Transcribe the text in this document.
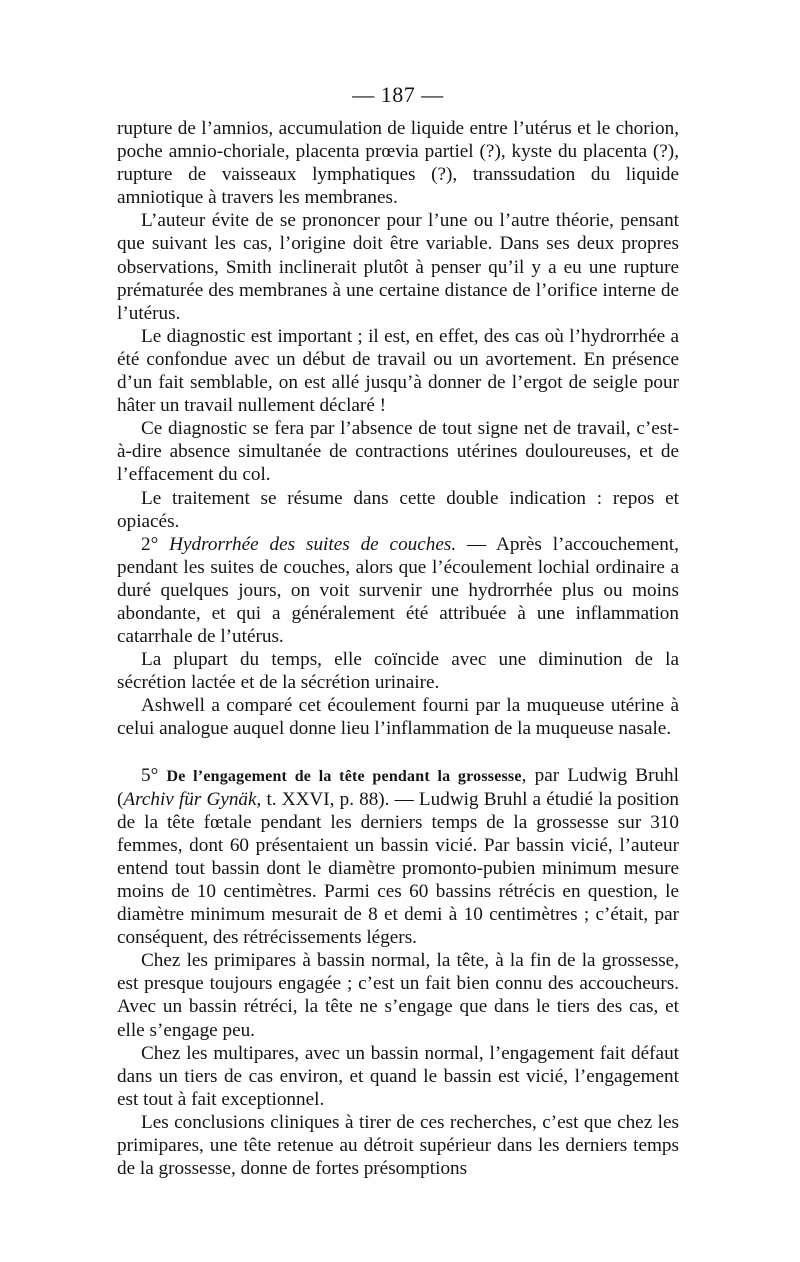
— 187 —

rupture de l’amnios, accumulation de liquide entre l’utérus et le chorion, poche amnio-choriale, placenta prœvia partiel (?), kyste du placenta (?), rupture de vaisseaux lymphatiques (?), transsudation du liquide amniotique à travers les membranes.

L’auteur évite de se prononcer pour l’une ou l’autre théorie, pensant que suivant les cas, l’origine doit être variable. Dans ses deux propres observations, Smith inclinerait plutôt à penser qu’il y a eu une rupture prématurée des membranes à une certaine distance de l’orifice interne de l’utérus.

Le diagnostic est important ; il est, en effet, des cas où l’hydrorrhée a été confondue avec un début de travail ou un avortement. En présence d’un fait semblable, on est allé jusqu’à donner de l’ergot de seigle pour hâter un travail nullement déclaré !

Ce diagnostic se fera par l’absence de tout signe net de travail, c’est-à-dire absence simultanée de contractions utérines douloureuses, et de l’effacement du col.

Le traitement se résume dans cette double indication : repos et opiacés.

2° Hydrorrhée des suites de couches. — Après l’accouchement, pendant les suites de couches, alors que l’écoulement lochial ordinaire a duré quelques jours, on voit survenir une hydrorrhée plus ou moins abondante, et qui a généralement été attribuée à une inflammation catarrhale de l’utérus.

La plupart du temps, elle coïncide avec une diminution de la sécrétion lactée et de la sécrétion urinaire.

Ashwell a comparé cet écoulement fourni par la muqueuse utérine à celui analogue auquel donne lieu l’inflammation de la muqueuse nasale.

5° De l’engagement de la tête pendant la grossesse, par Ludwig Bruhl (Archiv für Gynäk, t. XXVI, p. 88). — Ludwig Bruhl a étudié la position de la tête fœtale pendant les derniers temps de la grossesse sur 310 femmes, dont 60 présentaient un bassin vicié. Par bassin vicié, l’auteur entend tout bassin dont le diamètre promonto-pubien minimum mesure moins de 10 centimètres. Parmi ces 60 bassins rétrécis en question, le diamètre minimum mesurait de 8 et demi à 10 centimètres ; c’était, par conséquent, des rétrécissements légers.

Chez les primipares à bassin normal, la tête, à la fin de la grossesse, est presque toujours engagée ; c’est un fait bien connu des accoucheurs. Avec un bassin rétréci, la tête ne s’engage que dans le tiers des cas, et elle s’engage peu.

Chez les multipares, avec un bassin normal, l’engagement fait défaut dans un tiers de cas environ, et quand le bassin est vicié, l’engagement est tout à fait exceptionnel.

Les conclusions cliniques à tirer de ces recherches, c’est que chez les primipares, une tête retenue au détroit supérieur dans les derniers temps de la grossesse, donne de fortes présomptions
